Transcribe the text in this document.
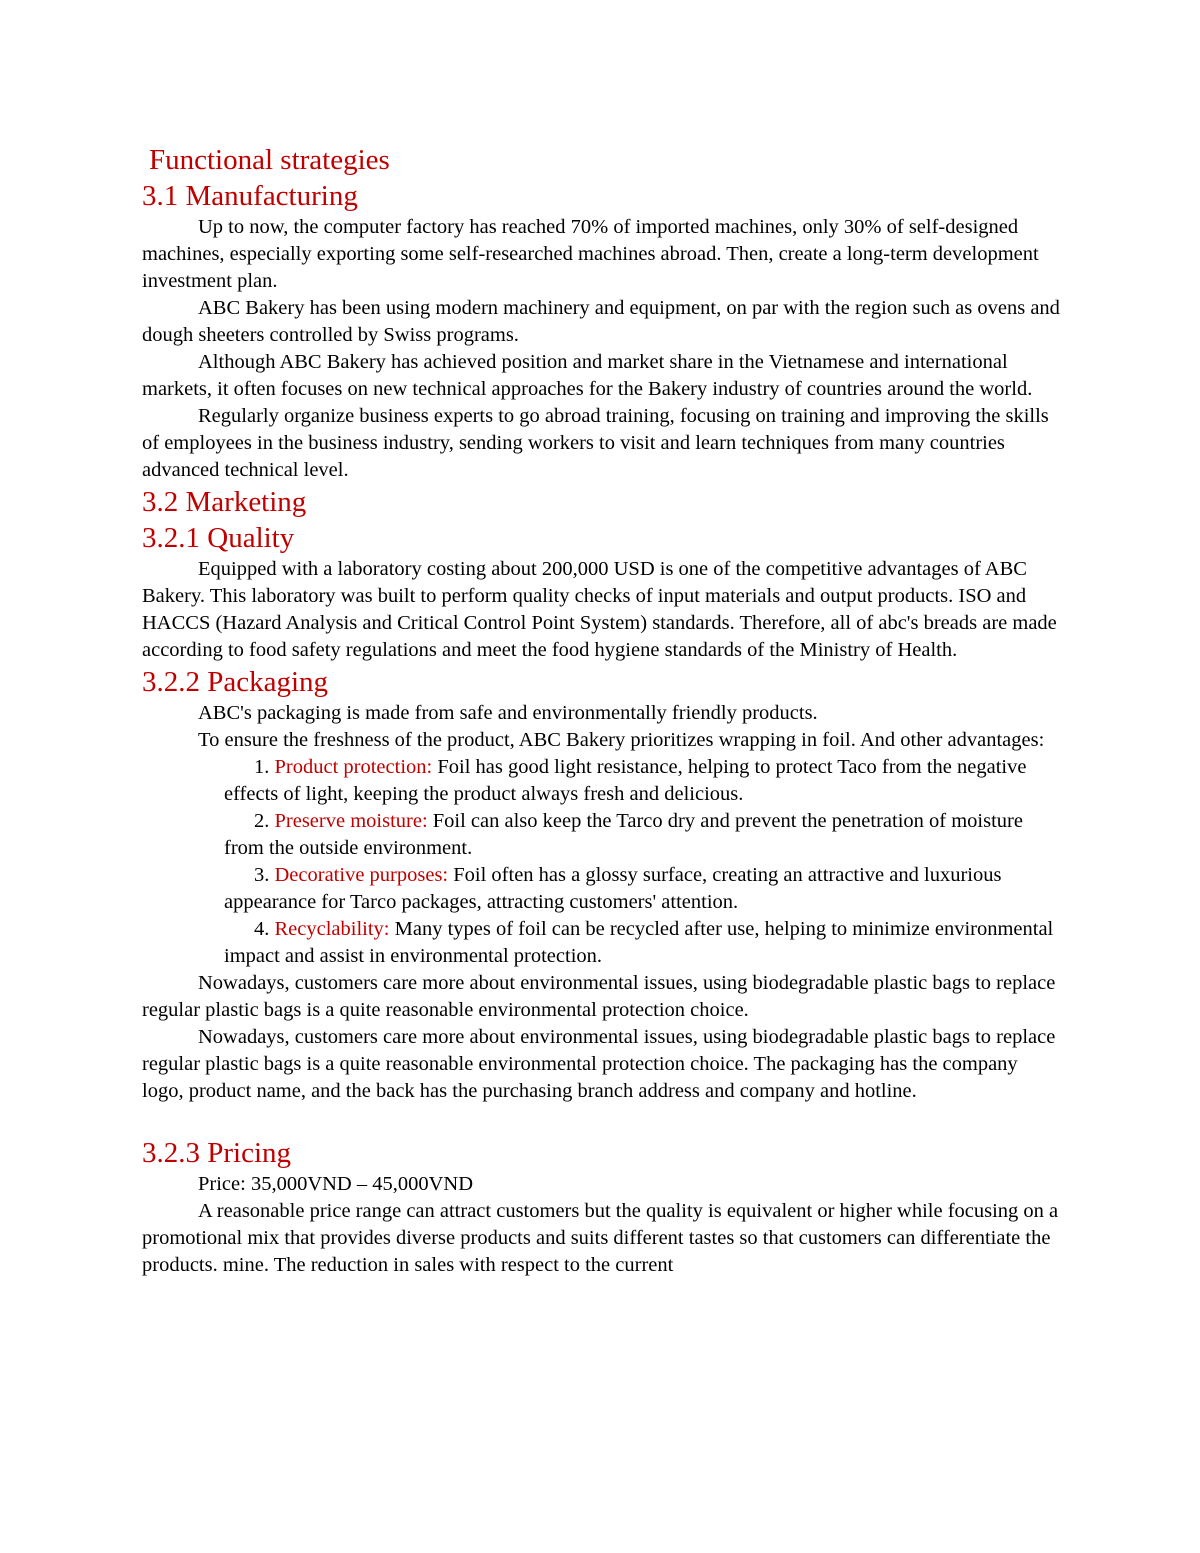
Functional strategies
3.1 Manufacturing

Up to now, the computer factory has reached 70% of imported machines, only 30% of self-designed machines, especially exporting some self-researched machines abroad. Then, create a long-term development investment plan.

ABC Bakery has been using modern machinery and equipment, on par with the region such as ovens and dough sheeters controlled by Swiss programs.

Although ABC Bakery has achieved position and market share in the Vietnamese and international markets, it often focuses on new technical approaches for the Bakery industry of countries around the world.

Regularly organize business experts to go abroad training, focusing on training and improving the skills of employees in the business industry, sending workers to visit and learn techniques from many countries advanced technical level.

3.2 Marketing
3.2.1 Quality

Equipped with a laboratory costing about 200,000 USD is one of the competitive advantages of ABC Bakery. This laboratory was built to perform quality checks of input materials and output products. ISO and HACCS (Hazard Analysis and Critical Control Point System) standards. Therefore, all of abc's breads are made according to food safety regulations and meet the food hygiene standards of the Ministry of Health.

3.2.2 Packaging

ABC's packaging is made from safe and environmentally friendly products.

To ensure the freshness of the product, ABC Bakery prioritizes wrapping in foil. And other advantages:

1. Product protection: Foil has good light resistance, helping to protect Taco from the negative effects of light, keeping the product always fresh and delicious.
2. Preserve moisture: Foil can also keep the Tarco dry and prevent the penetration of moisture from the outside environment.
3. Decorative purposes: Foil often has a glossy surface, creating an attractive and luxurious appearance for Tarco packages, attracting customers' attention.
4. Recyclability: Many types of foil can be recycled after use, helping to minimize environmental impact and assist in environmental protection.

Nowadays, customers care more about environmental issues, using biodegradable plastic bags to replace regular plastic bags is a quite reasonable environmental protection choice.

Nowadays, customers care more about environmental issues, using biodegradable plastic bags to replace regular plastic bags is a quite reasonable environmental protection choice. The packaging has the company logo, product name, and the back has the purchasing branch address and company and hotline.

3.2.3 Pricing

Price: 35,000VND – 45,000VND

A reasonable price range can attract customers but the quality is equivalent or higher while focusing on a promotional mix that provides diverse products and suits different tastes so that customers can differentiate the products. mine. The reduction in sales with respect to the current
